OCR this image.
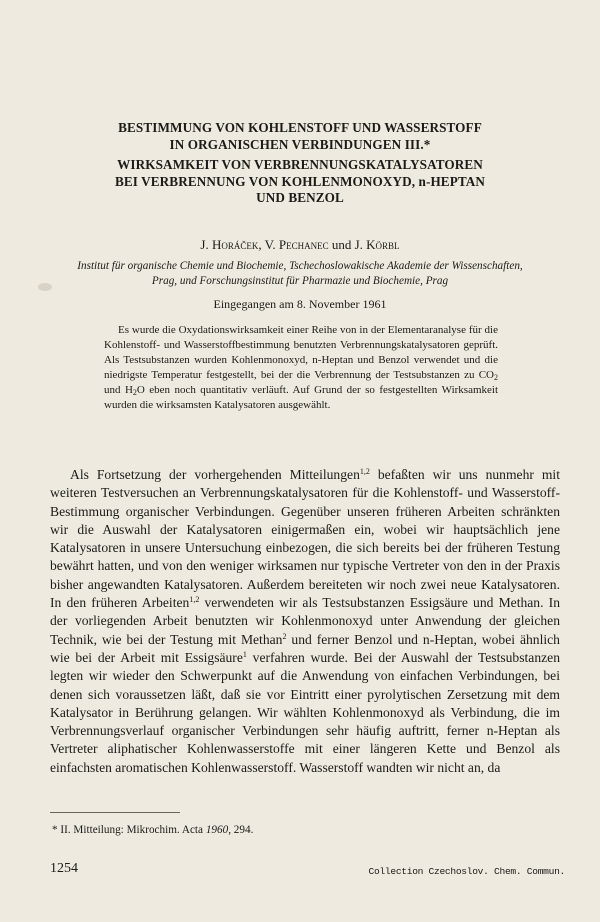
BESTIMMUNG VON KOHLENSTOFF UND WASSERSTOFF
IN ORGANISCHEN VERBINDUNGEN III.*
WIRKSAMKEIT VON VERBRENNUNGSKATALYSATOREN
BEI VERBRENNUNG VON KOHLENMONOXYD, n-HEPTAN
UND BENZOL
J. Horáček, V. Pechanec und J. Körbl
Institut für organische Chemie und Biochemie, Tschechoslowakische Akademie der Wissenschaften,
Prag, und Forschungsinstitut für Pharmazie und Biochemie, Prag
Eingegangen am 8. November 1961

Es wurde die Oxydationswirksamkeit einer Reihe von in der Elementaranalyse für die Kohlenstoff- und Wasserstoffbestimmung benutzten Verbrennungskatalysatoren geprüft. Als Testsubstanzen wurden Kohlenmonoxyd, n-Heptan und Benzol verwendet und die niedrigste Temperatur festgestellt, bei der die Verbrennung der Testsubstanzen zu $CO_2$ und $H_2O$ eben noch quantitativ verläuft. Auf Grund der so festgestellten Wirksamkeit wurden die wirksamsten Katalysatoren ausgewählt.

Als Fortsetzung der vorhergehenden Mitteilungen$^{1,2}$ befaßten wir uns nunmehr mit weiteren Testversuchen an Verbrennungskatalysatoren für die Kohlenstoff- und Wasserstoff-Bestimmung organischer Verbindungen. Gegenüber unseren früheren Arbeiten schränkten wir die Auswahl der Katalysatoren einigermaßen ein, wobei wir hauptsächlich jene Katalysatoren in unsere Untersuchung einbezogen, die sich bereits bei der früheren Testung bewährt hatten, und von den weniger wirksamen nur typische Vertreter von den in der Praxis bisher angewandten Katalysatoren. Außerdem bereiteten wir noch zwei neue Katalysatoren. In den früheren Arbeiten$^{1,2}$ verwendeten wir als Testsubstanzen Essigsäure und Methan. In der vorliegenden Arbeit benutzten wir Kohlenmonoxyd unter Anwendung der gleichen Technik, wie bei der Testung mit Methan$^2$ und ferner Benzol und n-Heptan, wobei ähnlich wie bei der Arbeit mit Essigsäure$^1$ verfahren wurde. Bei der Auswahl der Testsubstanzen legten wir wieder den Schwerpunkt auf die Anwendung von einfachen Verbindungen, bei denen sich voraussetzen läßt, daß sie vor Eintritt einer pyrolytischen Zersetzung mit dem Katalysator in Berührung gelangen. Wir wählten Kohlenmonoxyd als Verbindung, die im Verbrennungsverlauf organischer Verbindungen sehr häufig auftritt, ferner n-Heptan als Vertreter aliphatischer Kohlenwasserstoffe mit einer längeren Kette und Benzol als einfachsten aromatischen Kohlenwasserstoff. Wasserstoff wandten wir nicht an, da

* II. Mitteilung: Mikrochim. Acta 1960, 294.
1254	Collection Czechoslov. Chem. Commun.
